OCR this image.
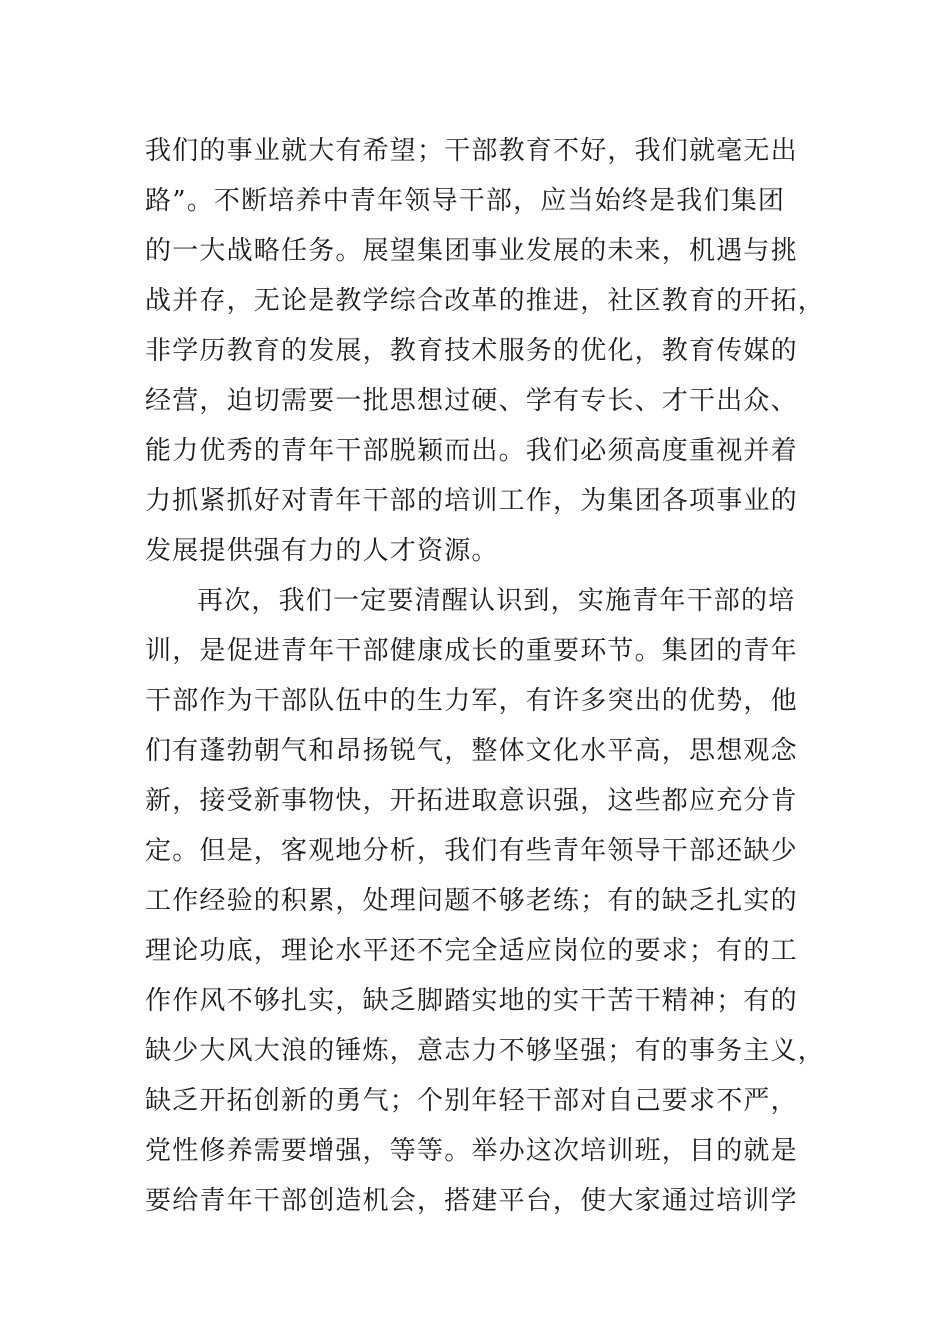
我们的事业就大有希望；干部教育不好，我们就毫无出
路”。不断培养中青年领导干部，应当始终是我们集团
的一大战略任务。展望集团事业发展的未来，机遇与挑
战并存，无论是教学综合改革的推进，社区教育的开拓，
非学历教育的发展，教育技术服务的优化，教育传媒的
经营，迫切需要一批思想过硬、学有专长、才干出众、
能力优秀的青年干部脱颖而出。我们必须高度重视并着
力抓紧抓好对青年干部的培训工作，为集团各项事业的
发展提供强有力的人才资源。
再次，我们一定要清醒认识到，实施青年干部的培
训，是促进青年干部健康成长的重要环节。集团的青年
干部作为干部队伍中的生力军，有许多突出的优势，他
们有蓬勃朝气和昂扬锐气，整体文化水平高，思想观念
新，接受新事物快，开拓进取意识强，这些都应充分肯
定。但是，客观地分析，我们有些青年领导干部还缺少
工作经验的积累，处理问题不够老练；有的缺乏扎实的
理论功底，理论水平还不完全适应岗位的要求；有的工
作作风不够扎实，缺乏脚踏实地的实干苦干精神；有的
缺少大风大浪的锤炼，意志力不够坚强；有的事务主义，
缺乏开拓创新的勇气；个别年轻干部对自己要求不严，
党性修养需要增强，等等。举办这次培训班，目的就是
要给青年干部创造机会，搭建平台，使大家通过培训学
